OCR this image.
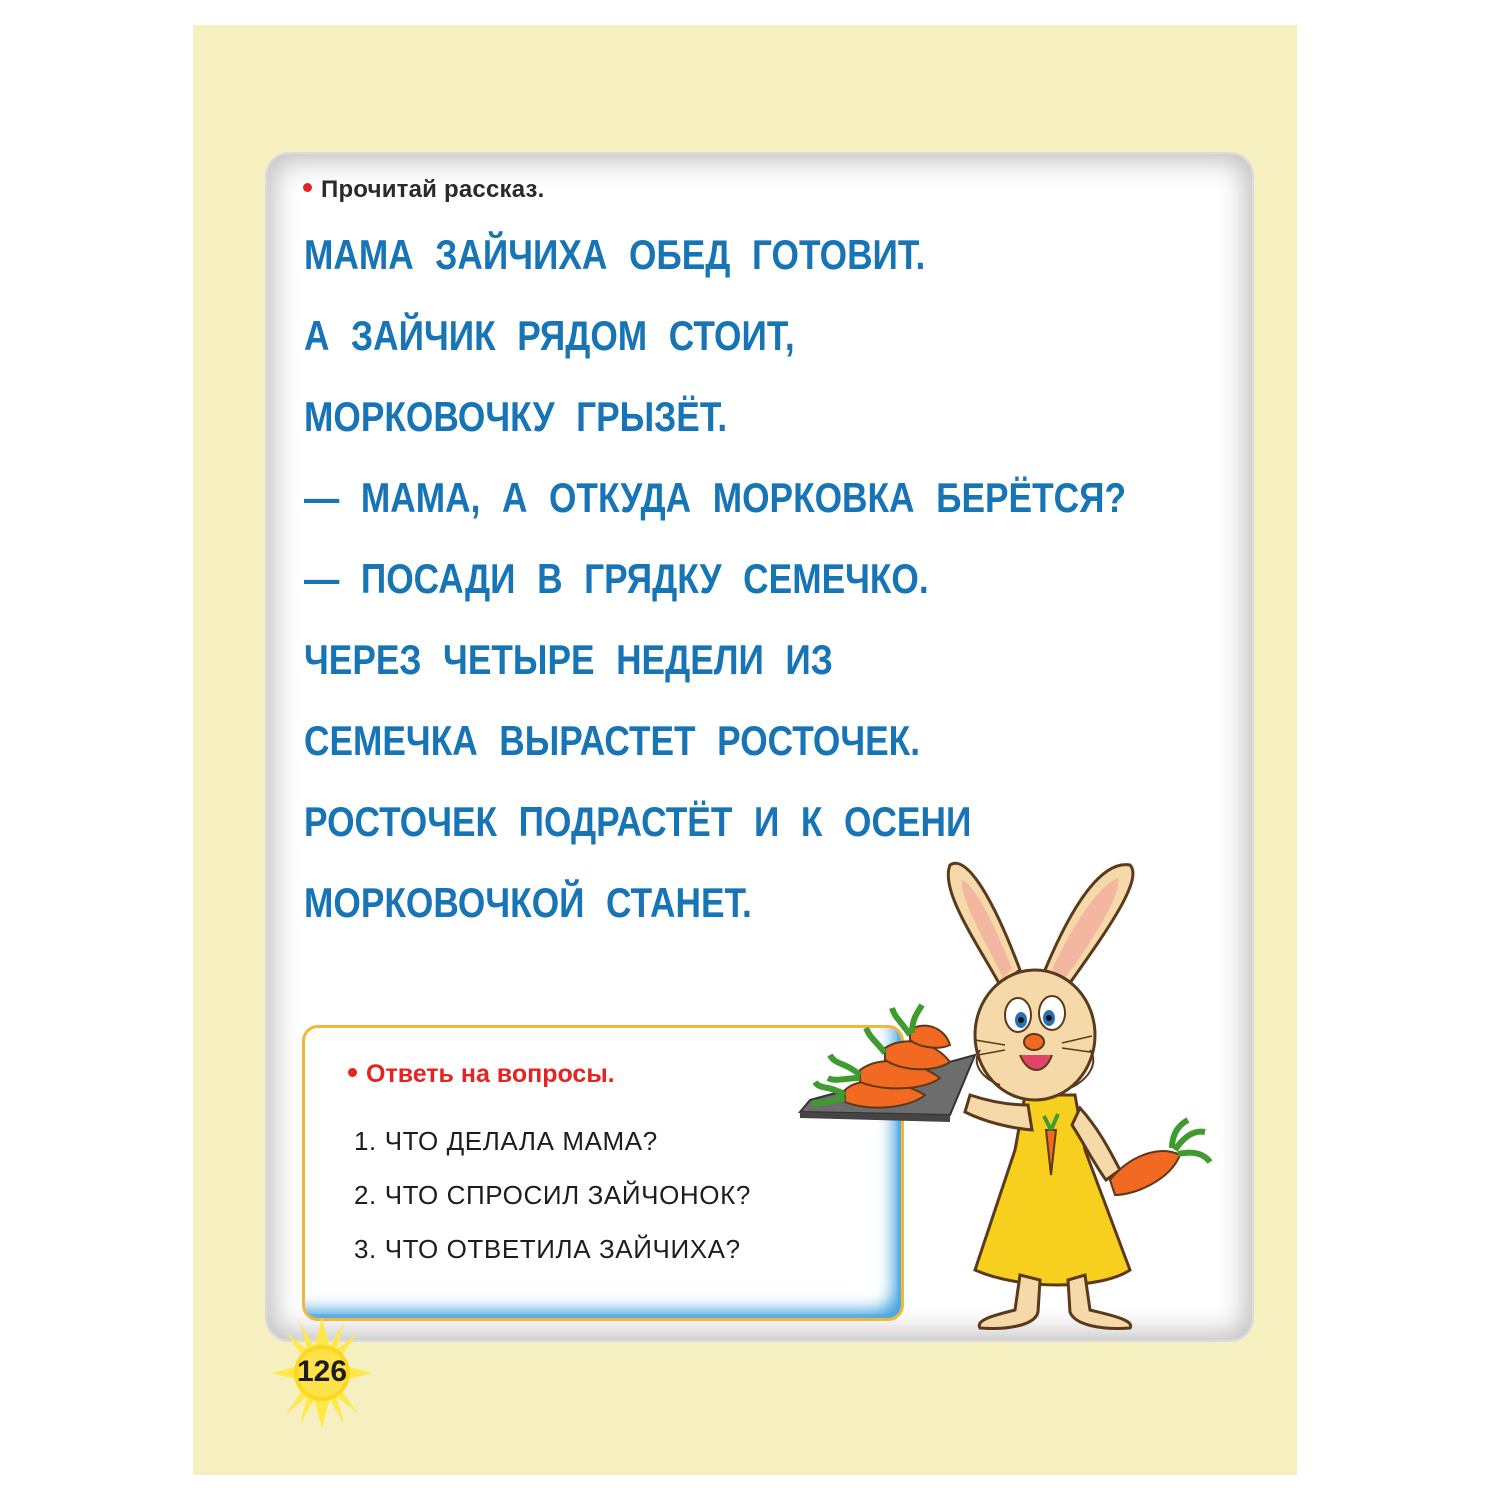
Прочитай рассказ.
МАМА ЗАЙЧИХА ОБЕД ГОТОВИТ.
А ЗАЙЧИК РЯДОМ СТОИТ,
МОРКОВОЧКУ ГРЫЗЁТ.
— МАМА, А ОТКУДА МОРКОВКА БЕРЁТСЯ?
— ПОСАДИ В ГРЯДКУ СЕМЕЧКО.
ЧЕРЕЗ ЧЕТЫРЕ НЕДЕЛИ ИЗ
СЕМЕЧКА ВЫРАСТЕТ РОСТОЧЕК.
РОСТОЧЕК ПОДРАСТЁТ И К ОСЕНИ
МОРКОВОЧКОЙ СТАНЕТ.
Ответь на вопросы.
1. ЧТО ДЕЛАЛА МАМА?
2. ЧТО СПРОСИЛ ЗАЙЧОНОК?
3. ЧТО ОТВЕТИЛА ЗАЙЧИХА?
126
